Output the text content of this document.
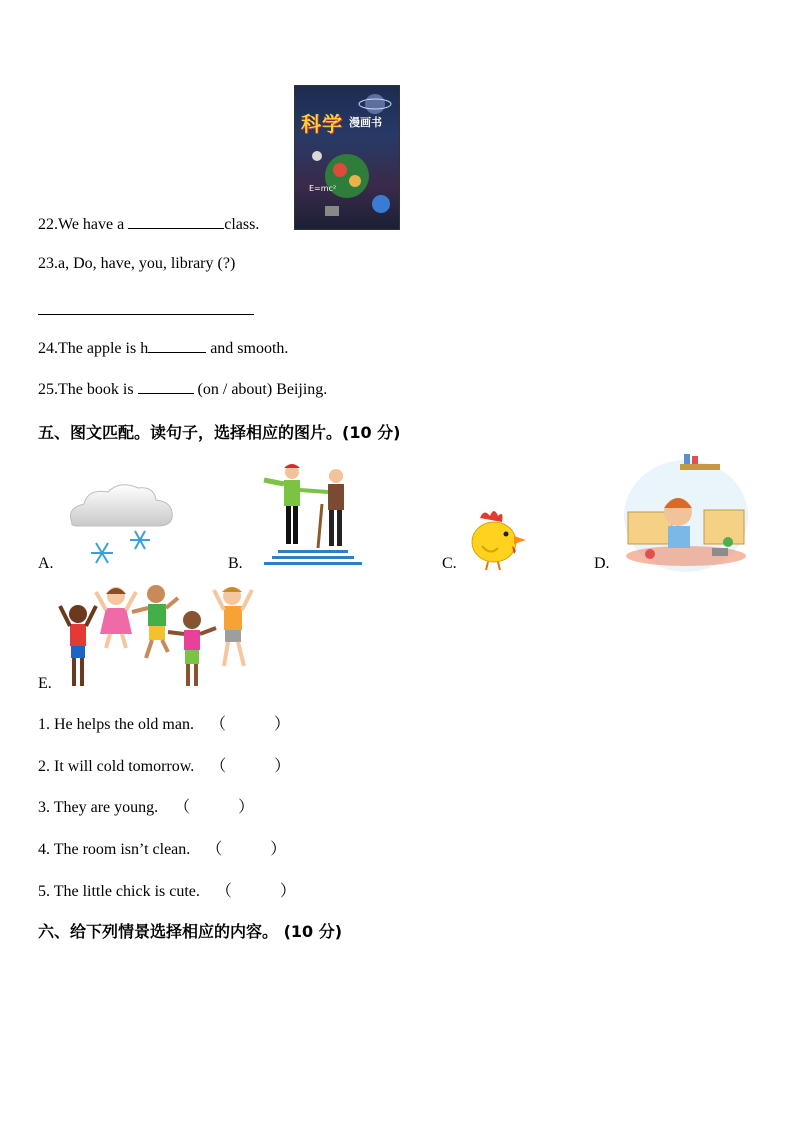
科学 漫画书
E=mc²
22.We have a	class.
23.a, Do, have, you, library (?)
24.The apple is h	and smooth.
25.The book is	(on / about) Beijing.
五、图文匹配。读句子，选择相应的图片。(10 分)
A.	B.	C.	D.
E.
1. He helps the old man. （　　　）
2. It will cold tomorrow. （　　　）
3. They are young. （　　　）
4. The room isn’t clean. （　　　）
5. The little chick is cute. （　　　）
六、给下列情景选择相应的内容。 (10 分)
